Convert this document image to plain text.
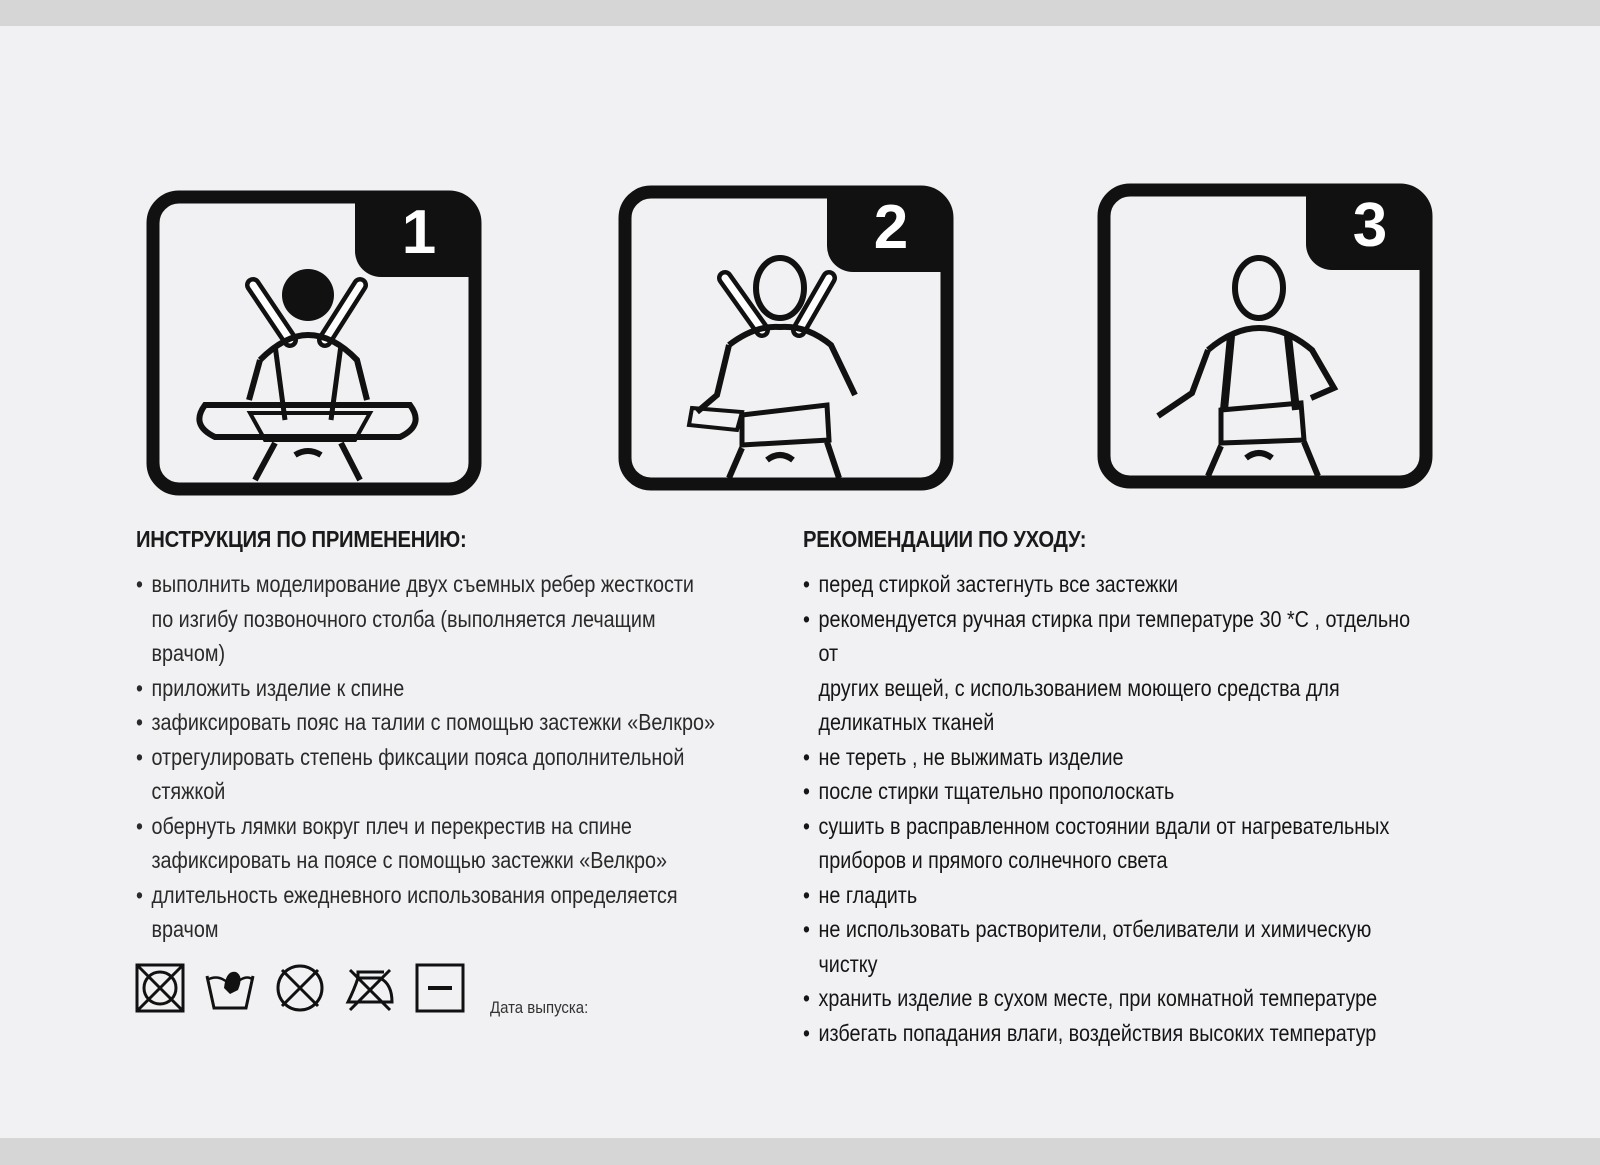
1	2	3
ИНСТРУКЦИЯ ПО ПРИМЕНЕНИЮ:
• выполнить моделирование двух съемных ребер жесткости
по изгибу позвоночного столба (выполняется лечащим
врачом)
• приложить изделие к спине
• зафиксировать пояс на талии с помощью застежки «Велкро»
• отрегулировать степень фиксации пояса дополнительной
стяжкой
• обернуть лямки вокруг плеч и перекрестив на спине
зафиксировать на поясе с помощью застежки «Велкро»
• длительность ежедневного использования определяется
врачом
РЕКОМЕНДАЦИИ ПО УХОДУ:
• перед стиркой застегнуть все застежки
• рекомендуется ручная стирка при температуре 30 *С , отдельно от
других вещей, с использованием моющего средства для
деликатных тканей
• не тереть , не выжимать изделие
• после стирки тщательно прополоскать
• сушить в расправленном состоянии вдали от нагревательных
приборов и прямого солнечного света
• не гладить
• не использовать растворители, отбеливатели и химическую
чистку
• хранить изделие в сухом месте, при комнатной температуре
• избегать попадания влаги, воздействия высоких температур
Дата выпуска:
